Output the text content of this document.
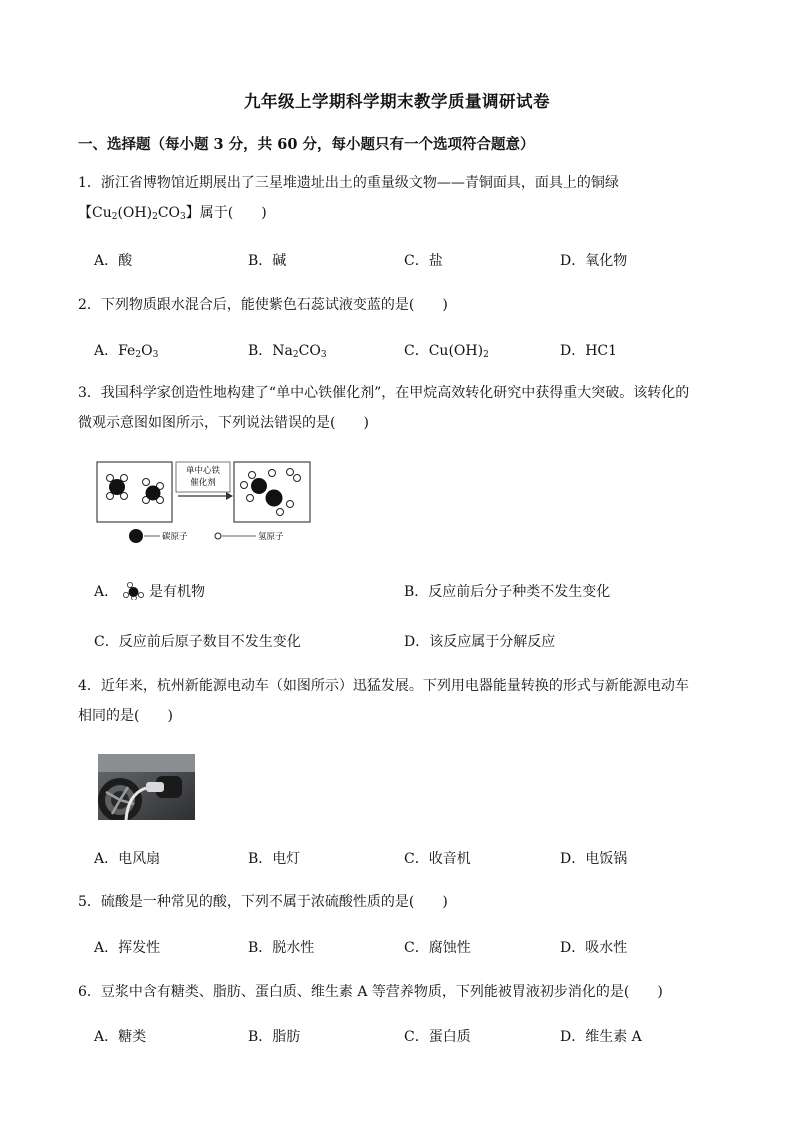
九年级上学期科学期末教学质量调研试卷
一、选择题（每小题 3 分，共 60 分，每小题只有一个选项符合题意）
1．浙江省博物馆近期展出了三星堆遗址出土的重量级文物——青铜面具，面具上的铜绿
【$Cu_2(OH)_2CO_3$】属于(　　)
A．酸	B．碱	C．盐	D．氧化物
2．下列物质跟水混合后，能使紫色石蕊试液变蓝的是(　　)
A．$Fe_2O_3$	B．$Na_2CO_3$	C．$Cu(OH)_2$	D．HC1
3．我国科学家创造性地构建了“单中心铁催化剂”，在甲烷高效转化研究中获得重大突破。该转化的
微观示意图如图所示，下列说法错误的是(　　)
单中心铁
催化剂
碳原子	氢原子
A． 是有机物	B．反应前后分子种类不发生变化
C．反应前后原子数目不发生变化	D．该反应属于分解反应
4．近年来，杭州新能源电动车（如图所示）迅猛发展。下列用电器能量转换的形式与新能源电动车
相同的是(　　)
A．电风扇	B．电灯	C．收音机	D．电饭锅
5．硫酸是一种常见的酸，下列不属于浓硫酸性质的是(　　)
A．挥发性	B．脱水性	C．腐蚀性	D．吸水性
6．豆浆中含有糖类、脂肪、蛋白质、维生素 A 等营养物质，下列能被胃液初步消化的是(　　)
A．糖类	B．脂肪	C．蛋白质	D．维生素 A
